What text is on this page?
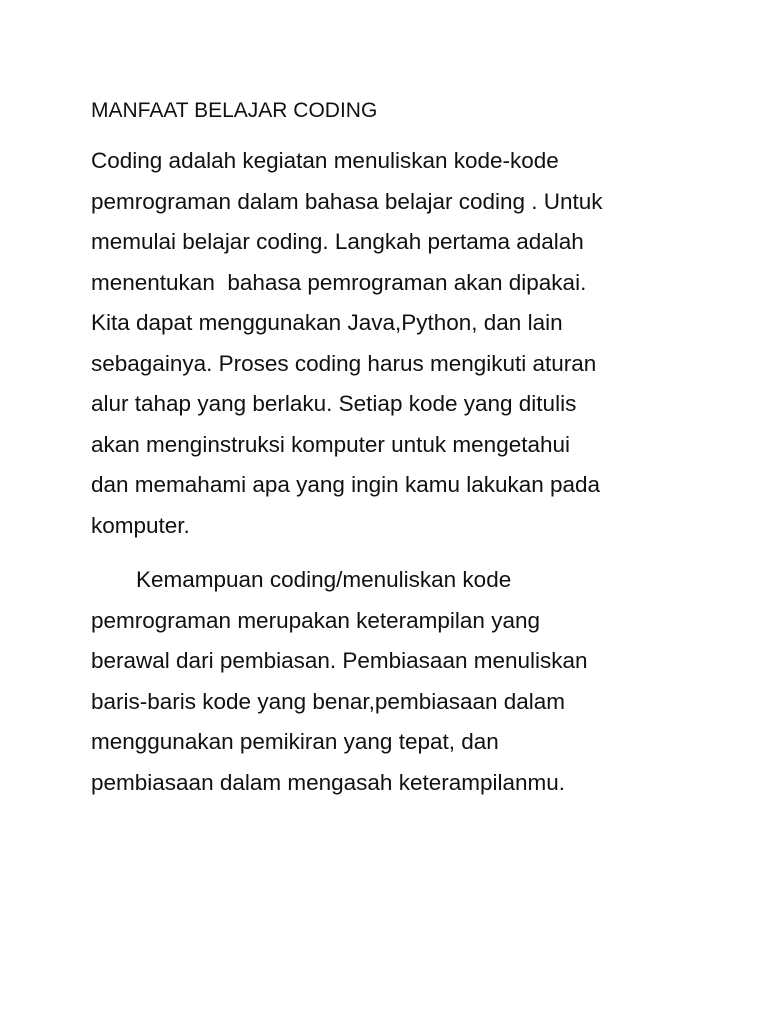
MANFAAT BELAJAR CODING

Coding adalah kegiatan menuliskan kode-kode
pemrograman dalam bahasa belajar coding . Untuk
memulai belajar coding. Langkah pertama adalah
menentukan  bahasa pemrograman akan dipakai.
Kita dapat menggunakan Java,Python, dan lain
sebagainya. Proses coding harus mengikuti aturan
alur tahap yang berlaku. Setiap kode yang ditulis
akan menginstruksi komputer untuk mengetahui
dan memahami apa yang ingin kamu lakukan pada
komputer.

Kemampuan coding/menuliskan kode
pemrograman merupakan keterampilan yang
berawal dari pembiasan. Pembiasaan menuliskan
baris-baris kode yang benar,pembiasaan dalam
menggunakan pemikiran yang tepat, dan
pembiasaan dalam mengasah keterampilanmu.
